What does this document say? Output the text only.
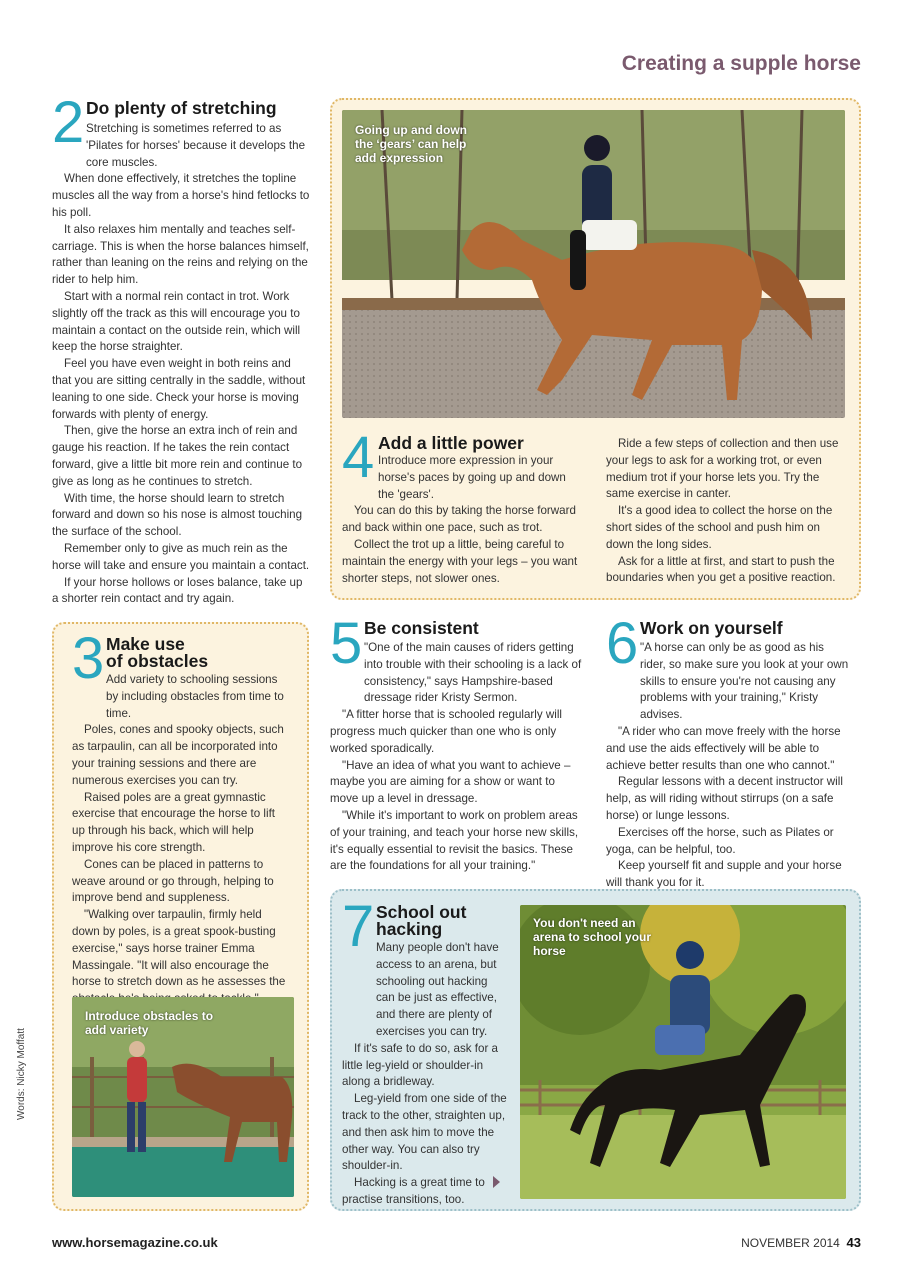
Creating a supple horse
2 Do plenty of stretching

Stretching is sometimes referred to as 'Pilates for horses' because it develops the core muscles.

When done effectively, it stretches the topline muscles all the way from a horse's hind fetlocks to his poll.

It also relaxes him mentally and teaches self-carriage. This is when the horse balances himself, rather than leaning on the reins and relying on the rider to help him.

Start with a normal rein contact in trot. Work slightly off the track as this will encourage you to maintain a contact on the outside rein, which will keep the horse straighter.

Feel you have even weight in both reins and that you are sitting centrally in the saddle, without leaning to one side. Check your horse is moving forwards with plenty of energy.

Then, give the horse an extra inch of rein and gauge his reaction. If he takes the rein contact forward, give a little bit more rein and continue to give as long as he continues to stretch.

With time, the horse should learn to stretch forward and down so his nose is almost touching the surface of the school.

Remember only to give as much rein as the horse will take and ensure you maintain a contact.

If your horse hollows or loses balance, take up a shorter rein contact and try again.

Going up and down the ‘gears’ can help add expression
4 Add a little power

Introduce more expression in your horse's paces by going up and down the 'gears'.

You can do this by taking the horse forward and back within one pace, such as trot.

Collect the trot up a little, being careful to maintain the energy with your legs – you want shorter steps, not slower ones.

Ride a few steps of collection and then use your legs to ask for a working trot, or even medium trot if your horse lets you. Try the same exercise in canter.

It's a good idea to collect the horse on the short sides of the school and push him on down the long sides.

Ask for a little at first, and start to push the boundaries when you get a positive reaction.

3 Make use
of obstacles

Add variety to schooling sessions by including obstacles from time to time.

Poles, cones and spooky objects, such as tarpaulin, can all be incorporated into your training sessions and there are numerous exercises you can try.

Raised poles are a great gymnastic exercise that encourage the horse to lift up through his back, which will help improve his core strength.

Cones can be placed in patterns to weave around or go through, helping to improve bend and suppleness.

"Walking over tarpaulin, firmly held down by poles, is a great spook-busting exercise," says horse trainer Emma Massingale. "It will also encourage the horse to stretch down as he assesses the

Introduce obstacles to add variety
5 Be consistent

"One of the main causes of riders getting into trouble with their schooling is a lack of consistency," says Hampshire-based dressage rider Kristy Sermon.

"A fitter horse that is schooled regularly will progress much quicker than one who is only worked sporadically.

"Have an idea of what you want to achieve – maybe you are aiming for a show or want to move up a level in dressage.

"While it's important to work on problem areas of your training, and teach your horse new skills, it's equally essential to revisit the basics. These are the foundations for all your training."

6 Work on yourself

"A horse can only be as good as his rider, so make sure you look at your own skills to ensure you're not causing any problems with your training," Kristy advises.

"A rider who can move freely with the horse and use the aids effectively will be able to achieve better results than one who cannot."

Regular lessons with a decent instructor will help, as will riding without stirrups (on a safe horse) or lunge lessons.

Exercises off the horse, such as Pilates or yoga, can be helpful, too.

Keep yourself fit and supple and your horse will thank you for it.

7 School out
hacking

Many people don't have access to an arena, but schooling out hacking can be just as effective, and there are plenty of exercises you can try.

If it's safe to do so, ask for a little leg-yield or shoulder-in along a bridleway.

Leg-yield from one side of the track to the other, straighten up, and then ask him to move the other way. You can also try shoulder-in.

Hacking is a great time to practise transitions, too.

You don't need an arena to school your horse
Words: Nicky Moffatt
www.horsemagazine.co.uk	NOVEMBER 2014 43
